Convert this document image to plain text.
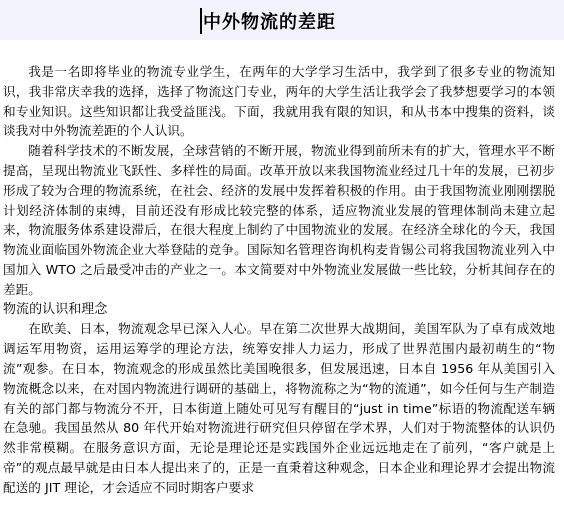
中外物流的差距

我是一名即将毕业的物流专业学生，在两年的大学学习生活中，我学到了很多专业的物流知识，我非常庆幸我的选择，选择了物流这门专业，两年的大学生活让我学会了我梦想要学习的本领和专业知识。这些知识都让我受益匪浅。下面，我就用我有限的知识，和从书本中搜集的资料，谈谈我对中外物流差距的个人认识。

随着科学技术的不断发展，全球营销的不断开展，物流业得到前所未有的扩大，管理水平不断提高，呈现出物流业飞跃性、多样性的局面。改革开放以来我国物流业经过几十年的发展，已初步形成了较为合理的物流系统，在社会、经济的发展中发挥着积极的作用。由于我国物流业刚刚摆脱计划经济体制的束缚，目前还没有形成比较完整的体系，适应物流业发展的管理体制尚未建立起来，物流服务体系建设滞后，在很大程度上制约了中国物流业的发展。在经济全球化的今天，我国物流业面临国外物流企业大举登陆的竞争。国际知名管理咨询机构麦肯锡公司将我国物流业列入中国加入 WTO 之后最受冲击的产业之一。本文简要对中外物流业发展做一些比较，分析其间存在的差距。

物流的认识和理念

在欧美、日本，物流观念早已深入人心。早在第二次世界大战期间，美国军队为了卓有成效地调运军用物资，运用运筹学的理论方法，统筹安排人力运力，形成了世界范围内最初萌生的“物流”观参。在日本，物流观念的形成虽然比美国晚很多，但发展迅速，日本自 1956 年从美国引入物流概念以来，在对国内物流进行调研的基础上，将物流称之为“物的流通”，如今任何与生产制造有关的部门都与物流分不开，日本街道上随处可见写有醒目的“just in time”标语的物流配送车辆在急驰。我国虽然从 80 年代开始对物流进行研究但只停留在学术界，人们对于物流整体的认识仍然非常模糊。在服务意识方面，无论是理论还是实践国外企业远远地走在了前列，“客户就是上帝”的观点最早就是由日本人提出来了的，正是一直秉着这种观念，日本企业和理论界才会提出物流配送的 JIT 理论，才会适应不同时期客户要求
